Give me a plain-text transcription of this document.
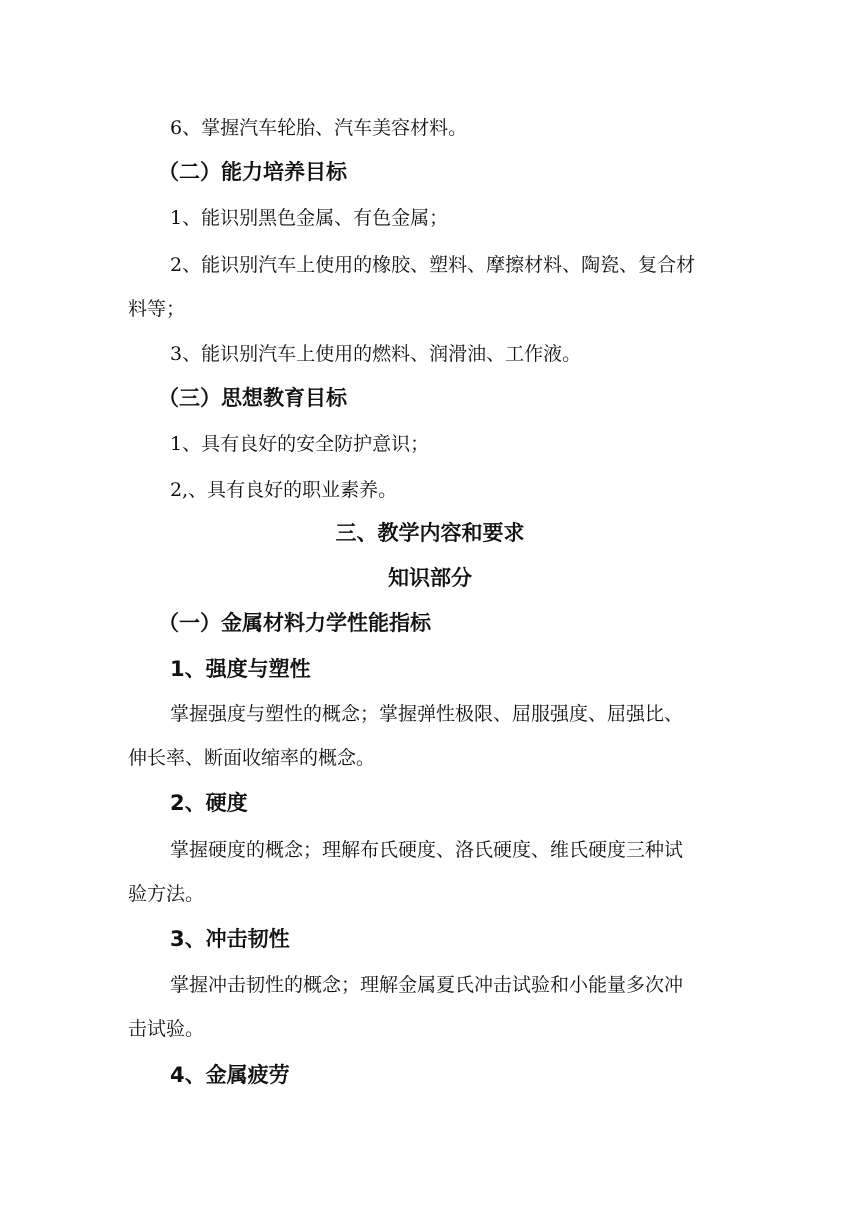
6、掌握汽车轮胎、汽车美容材料。
（二）能力培养目标
1、能识别黑色金属、有色金属；
2、能识别汽车上使用的橡胶、塑料、摩擦材料、陶瓷、复合材
料等；
3、能识别汽车上使用的燃料、润滑油、工作液。
（三）思想教育目标
1、具有良好的安全防护意识；
2,、具有良好的职业素养。
三、教学内容和要求
知识部分
（一）金属材料力学性能指标
1、强度与塑性
掌握强度与塑性的概念；掌握弹性极限、屈服强度、屈强比、
伸长率、断面收缩率的概念。
2、硬度
掌握硬度的概念；理解布氏硬度、洛氏硬度、维氏硬度三种试
验方法。
3、冲击韧性
掌握冲击韧性的概念；理解金属夏氏冲击试验和小能量多次冲
击试验。
4、金属疲劳
